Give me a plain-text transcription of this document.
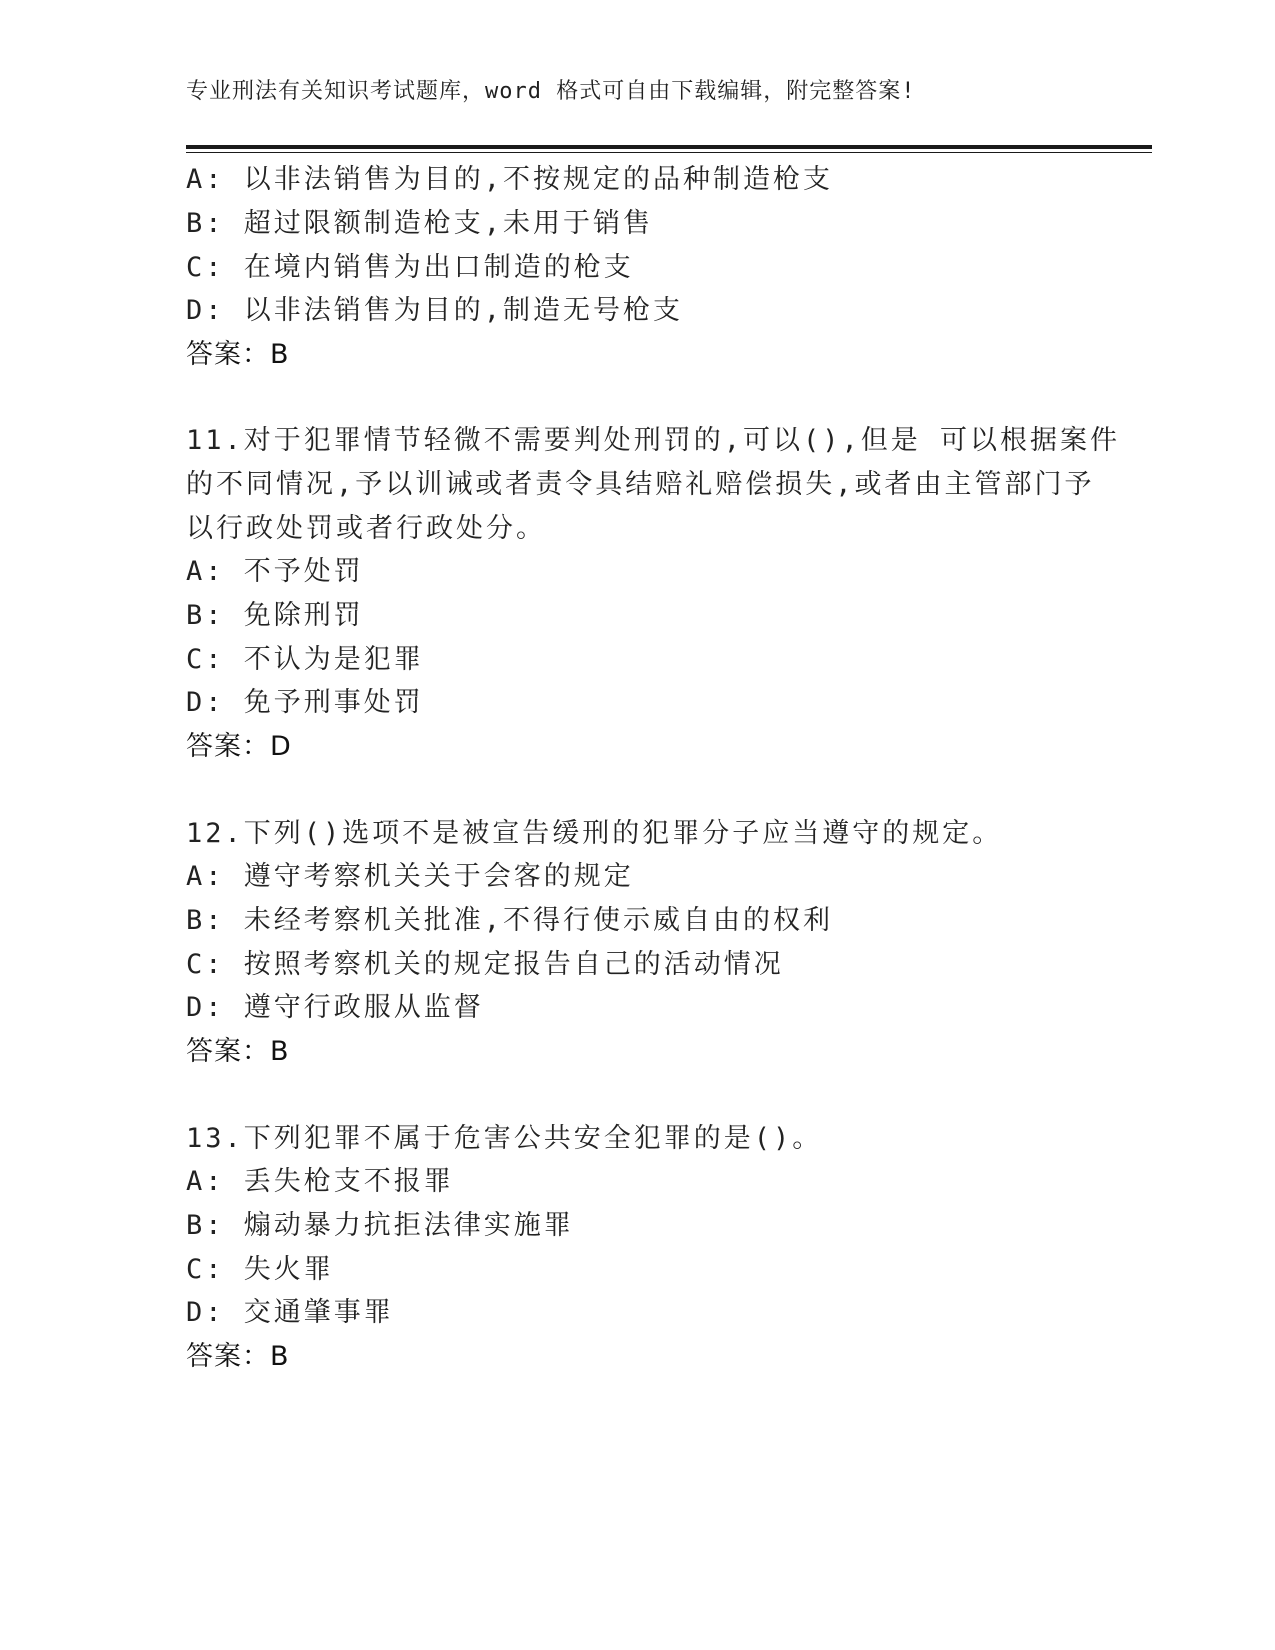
专业刑法有关知识考试题库，word 格式可自由下载编辑，附完整答案!
A: 以非法销售为目的,不按规定的品种制造枪支
B: 超过限额制造枪支,未用于销售
C: 在境内销售为出口制造的枪支
D: 以非法销售为目的,制造无号枪支
答案：B
11.对于犯罪情节轻微不需要判处刑罚的,可以(),但是 可以根据案件
的不同情况,予以训诫或者责令具结赔礼赔偿损失,或者由主管部门予
以行政处罚或者行政处分。
A: 不予处罚
B: 免除刑罚
C: 不认为是犯罪
D: 免予刑事处罚
答案：D
12.下列()选项不是被宣告缓刑的犯罪分子应当遵守的规定。
A: 遵守考察机关关于会客的规定
B: 未经考察机关批准,不得行使示威自由的权利
C: 按照考察机关的规定报告自己的活动情况
D: 遵守行政服从监督
答案：B
13.下列犯罪不属于危害公共安全犯罪的是()。
A: 丢失枪支不报罪
B: 煽动暴力抗拒法律实施罪
C: 失火罪
D: 交通肇事罪
答案：B
